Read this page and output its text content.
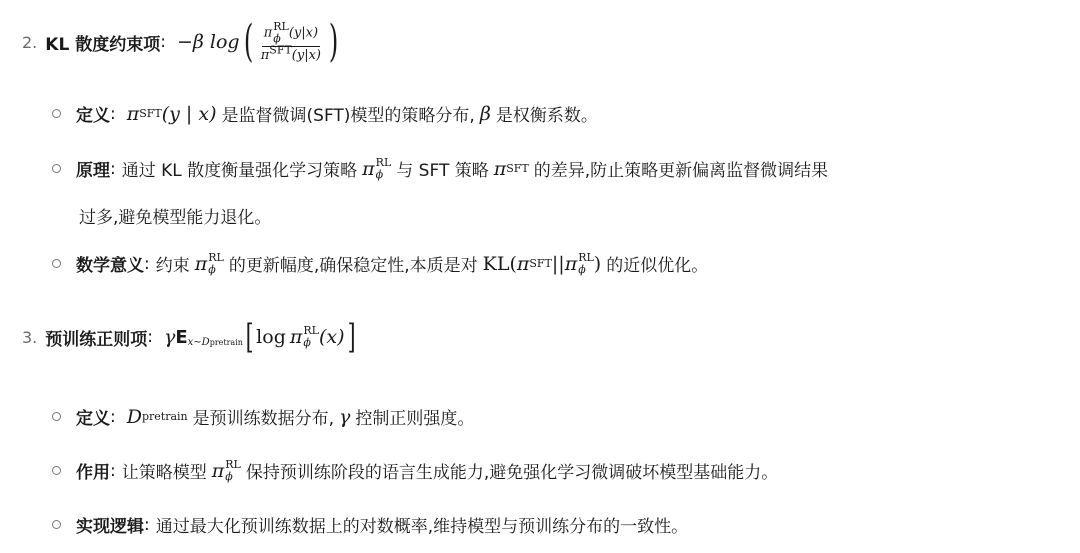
2. KL 散度约束项 : −β log ( π RL
ϕ (y|x)
$\pi^{SFT}(y|x)$ )
定义 : π SFT (y | x) 是监督微调(SFT)模型的策略分布, β 是权衡系数。
原理 : 通过 KL 散度衡量强化学习策略 π RL
ϕ 与 SFT 策略 π SFT 的差异,防止策略更新偏离监督微调结果
过多,避免模型能力退化。
数学意义 : 约束 π RL
ϕ 的更新幅度,确保稳定性,本质是对 KL( π SFT || π RL
ϕ ) 的近似优化。
3. 预训练正则项 : γ E x∼Dpretrain [ log π RL
ϕ (x) ]
定义 : D pretrain 是预训练数据分布, γ 控制正则强度。
作用 : 让策略模型 π RL
ϕ 保持预训练阶段的语言生成能力,避免强化学习微调破坏模型基础能力。
实现逻辑 : 通过最大化预训练数据上的对数概率,维持模型与预训练分布的一致性。
